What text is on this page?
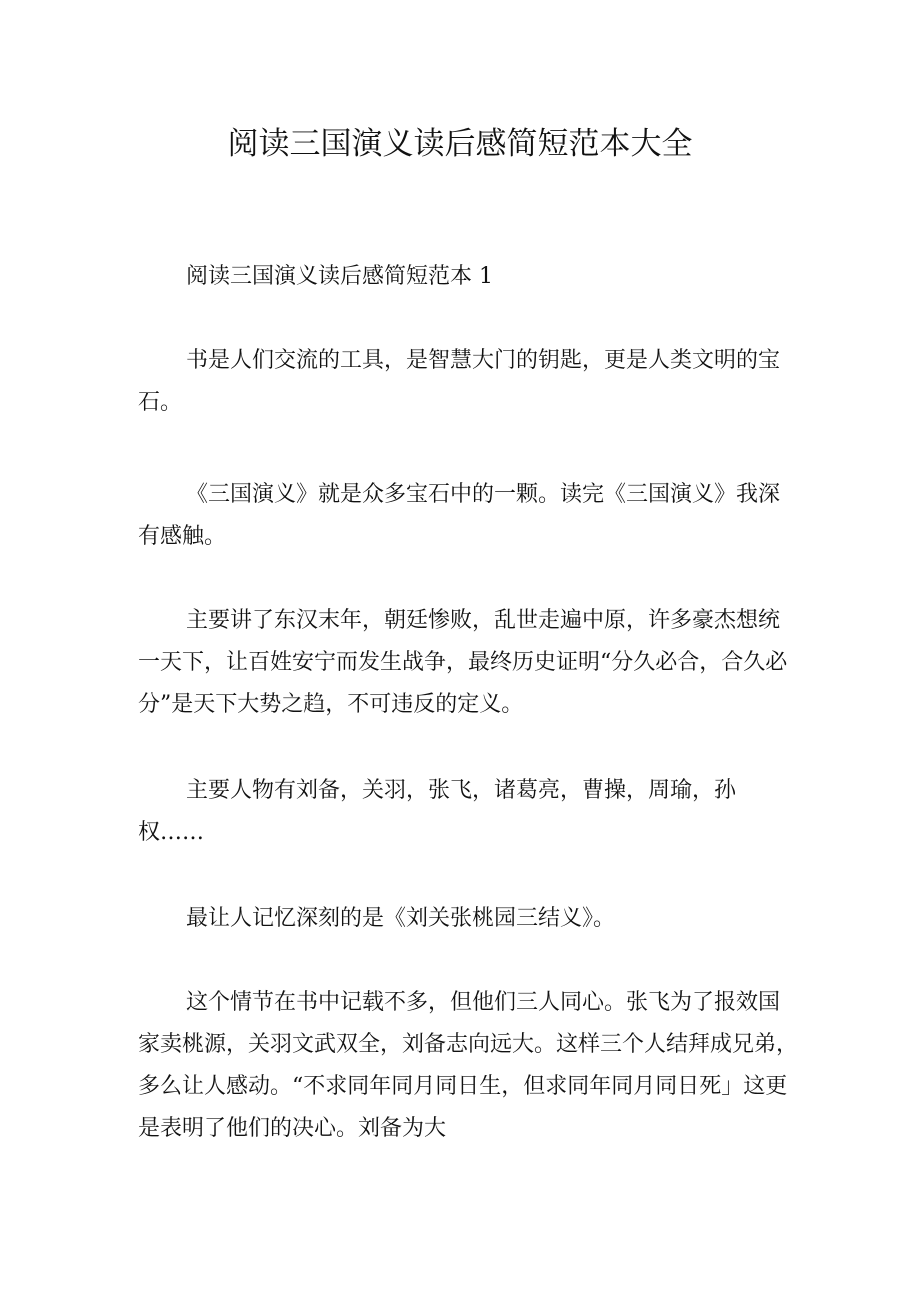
阅读三国演义读后感简短范本大全

阅读三国演义读后感简短范本 1

书是人们交流的工具，是智慧大门的钥匙，更是人类文明的宝石。

《三国演义》就是众多宝石中的一颗。读完《三国演义》我深有感触。

主要讲了东汉末年，朝廷惨败，乱世走遍中原，许多豪杰想统一天下，让百姓安宁而发生战争，最终历史证明“分久必合，合久必分”是天下大势之趋，不可违反的定义。

主要人物有刘备，关羽，张飞，诸葛亮，曹操，周瑜，孙权……

最让人记忆深刻的是《刘关张桃园三结义》。

这个情节在书中记载不多，但他们三人同心。张飞为了报效国家卖桃源，关羽文武双全，刘备志向远大。这样三个人结拜成兄弟，多么让人感动。“不求同年同月同日生，但求同年同月同日死」这更是表明了他们的决心。刘备为大
